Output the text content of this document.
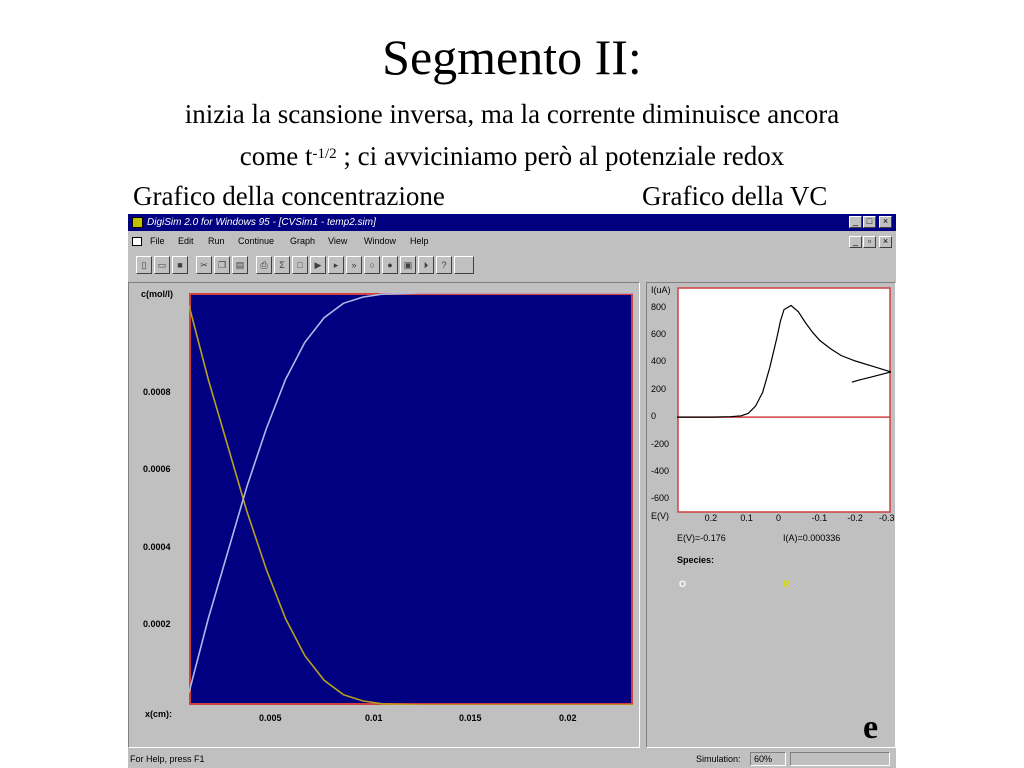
Segmento II:
inizia la scansione inversa, ma la corrente diminuisce ancora
come $t^{-1/2}$ ; ci avviciniamo però al potenziale redox
Grafico della concentrazione	Grafico della VC
DigiSim 2.0 for Windows 95 - [CVSim1 - temp2.sim]	_ □	×
File Edit Run Continue Graph View Window Help	_	▫	×
▯	▭	■	✂	❐	▤	⎙	Σ	□	▶	▸	»	○	●	▣	⏵	?
c(mol/l)
0.0008
0.0006
0.0004
0.0002
x(cm):	0.005	0.01	0.015	0.02
I(uA)
800
600
400
200
0
-200
-400
-600
E(V)	0.2	0.1	0	-0.1 -0.2 -0.3
E(V)=-0.176	I(A)=0.000336
Species:
O	R
e
For Help, press F1	Simulation:	60%
